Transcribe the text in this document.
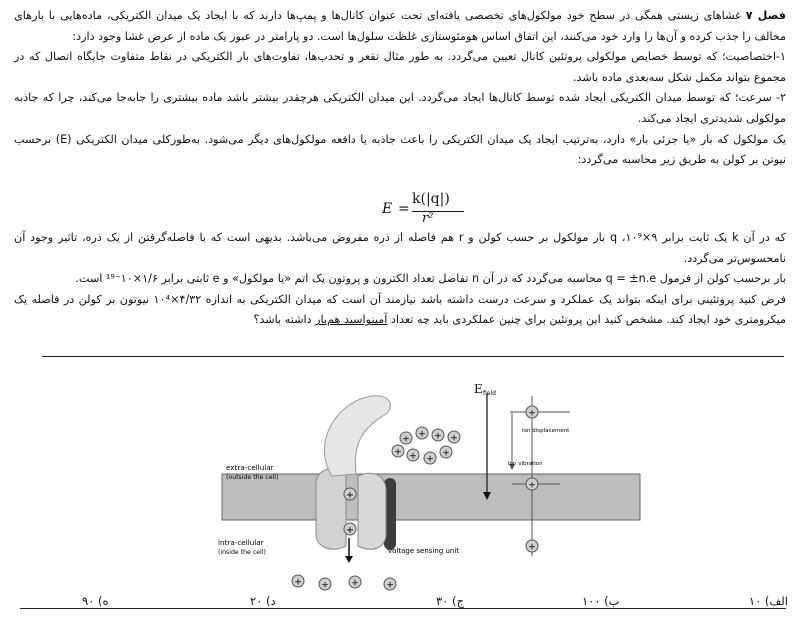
فصل ۷ غشاهای زیستی همگی در سطح خود مولکول‌های تخصصی یافته‌ای تحت عنوان کانال‌ها و پمپ‌ها دارند که با ایجاد یک میدان الکتریکی، ماده‌هایی با بارهای مخالف را جذب کرده و آن‌ها را وارد خود می‌کنند، این اتفاق اساس هومئوستازی غلظت سلول‌ها است. دو پارامتر در عبور یک ماده از عرض غشا وجود دارد:

۱-اختصاصیت؛ که توسط خصایص مولکولی پروتئین کانال تعیین می‌گردد. به طور مثال تقعر و تحدب‌ها، تفاوت‌های بار الکتریکی در نقاط متفاوت جایگاه اتصال که در مجموع بتواند مکمل شکل سه‌بعدی ماده باشد.

۲- سرعت؛ که توسط میدان الکتریکی ایجاد شده توسط کانال‌ها ایجاد می‌گردد. این میدان الکتریکی هرچقدر بیشتر باشد ماده بیشتری را جابه‌جا می‌کند، چرا که جاذبه مولکولی شدیدتری ایجاد می‌کند.

یک مولکول که بار «یا جزئی بار» دارد، به‌ترتیب ایجاد یک میدان الکتریکی را باعث جاذبه یا دافعه مولکول‌های دیگر می‌شود. به‌طورکلی میدان الکتریکی (E) برحسب نیوتن بر کولن به طریق زیر محاسبه می‌گردد:

E =
k(|q|)
r²

که در آن k یک ثابت برابر ۹×۱۰⁹، q بار مولکول بر حسب کولن و r هم فاصله از ذره مفروض می‌باشد. بدیهی است که با فاصله‌گرفتن از یک ذره، تاثیر وجود آن نامحسوس‌تر می‌گردد.

بار برحسب کولن از فرمول q = ±n.e محاسبه می‌گردد که در آن n تفاضل تعداد الکترون و پروتون یک اتم «یا مولکول» و e ثابتی برابر ۱/۶×۱۰⁻¹⁹ است.

فرض کنید پروتئینی برای اینکه بتواند یک عملکرد و سرعت درست داشته باشد نیازمند آن است که میدان الکتریکی به اندازه ۴/۳۲×۱۰⁴ نیوتون بر کولن در فاصله یک میکرومتری خود ایجاد کند. مشخص کنید این پروتئین برای چنین عملکردی باید چه تعداد آمینواسید هم‌بار داشته باشد؟

+
+
+ + +
+ + +
+
+
+ + +	+
E field
Ion displacement
Ion vibration
+
+
+
extra-cellular
(outside the cell)
intra-cellular
(inside the cell)	voltage sensing unit
الف) ۱۰
ب) ۱۰۰
ج) ۳۰
د) ۲۰
ه) ۹۰
